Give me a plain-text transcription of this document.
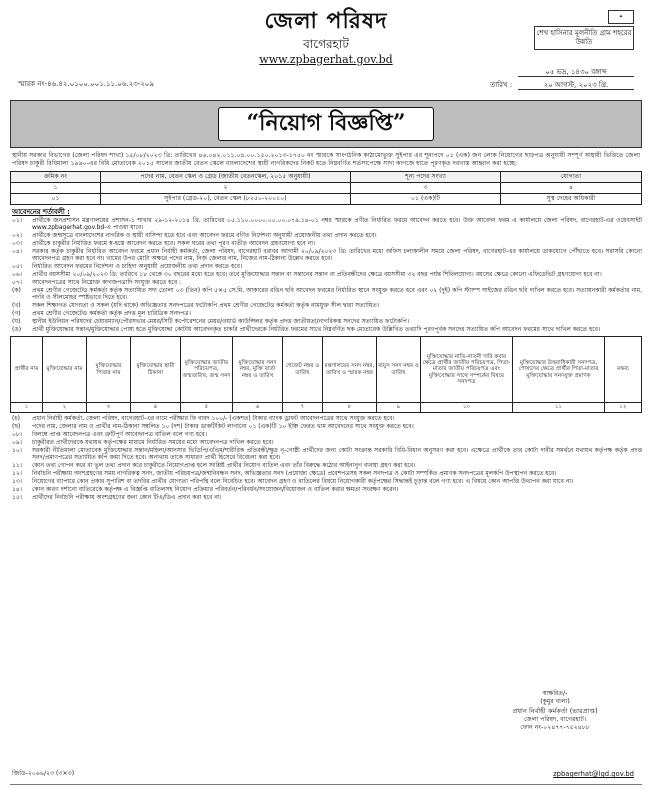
জেলা পরিষদ
বাগেরহাট
www.zpbagerhat.gov.bd
✦
শেখ হাসিনার মূলনীতি গ্রাম শহরের উন্নতি
স্মারক নং-৪৬.৪২.০১০০.০০১.১১.০৬.২৩-২০৯
০৫ ভদ্র, ১৪৩০ বঙ্গাব্দ
তারিখ :	২০ আগস্ট, ২০২৩ খ্রি.
“নিয়োগ বিজ্ঞপ্তি”
স্থানীয় সরকার বিভাগের (জেলা পরিষদ শাখা) ১৫/০৮/২০২৩ খ্রি: তারিখের ৪৬.০৪২.০১১.০৪.০০.১৫০.২০১৩-১৭৫০ নং স্মারকে সাংগঠনিক কাঠামোভুক্ত সুইপার এর শূন্যপদে ০১ (এক) জন লোক নিয়োগের ছাড়পত্র অনুযায়ী সম্পূর্ণ অস্থায়ী ভিত্তিতে জেলা পরিষদ চাকুরী বিধিমালা ১৯৯০-এর বিধি মোতাবেক ২০১৫ সালের জাতীয় বেতন স্কেলে বাংলাদেশের স্থায়ী নাগরিকদের নিকট হতে নিম্নবর্ণিত শর্তসাপেক্ষে সাদা কাগজে হাতে পূরণকৃত দরখাস্ত আহ্বান করা হচ্ছে:
ক্রমিক নং	পদের নাম, বেতন স্কেল ও গ্রেড (জাতীয় বেতনস্কেল, ২০১৫ অনুযায়ী)	শূন্য পদের সংখ্যা	যোগ্যতা
১	২	৩	৪
০১	সুইপার (গ্রেড-২০), বেতন স্কেল (৮২৫০-২০০১০)	০১ (এক)টি	সুস্থ দেহের অধিকারী
আবেদনের শর্তাবলী :
০১।	প্রার্থীকে জনপ্রশাসন মন্ত্রণালয়ের প্রশাসন-১ শাখার ২৯-১২-২০১৪ খ্রি. তারিখের ০৫.১১০.০০০০.০০.০০.০৭৯.১৪-০১ নম্বর স্মারকে প্রণীত নির্ধারিত ফরমে আবেদন করতে হবে। উক্ত আবেদন ফরম এ কার্যালয়ে জেলা পরিষদ, বাগেরহাট-এর ওয়েবসাইট www.zpbagerhat.gov.bd-এ পাওয়া যাবে।
০২।	প্রার্থীকে জন্মসূত্রে বাংলাদেশের নাগরিক ও স্থায়ী বাসিন্দা হতে হবে এবং আবেদন ফরমে বর্ণিত নির্দেশনা অনুযায়ী প্রয়োজনীয় তথ্য প্রদান করতে হবে।
০৩।	প্রার্থীকে চাকুরীর নির্ধারিত ফরমে স্ব-হস্তে আবেদন করতে হবে। সকল ঘরের তথ্য পূরণ ব্যতীত আবেদন গ্রহণযোগ্য হবে না।
০৪।	সরকার কর্তৃক চাকুরীর নির্ধারিত আবেদন ফরমে প্রধান নির্বাহী কর্মকর্তা, জেলা পরিষদ, বাগেরহাট বরাবর আগামী ২০/০৯/২০২৩ খ্রি: তারিখের মধ্যে অফিস চলাকালীন সময়ে জেলা পরিষদ, বাগেরহাট-এর কার্যালয়ে ডাকযোগে পৌঁছাতে হবে। সরাসরি কোনো আবেদনপত্র গ্রহণ করা হবে না। খামের উপর মোটা অক্ষরে পদের নাম, নিজ জেলার নাম, নিজের নাম-ঠিকানা উল্লেখ করতে হবে।
০৫।	নির্ধারিত আবেদন ফরমের নির্দেশনা ও চাহিদা অনুযায়ী প্রয়োজনীয় তথ্য প্রদান করতে হবে।
০৬।	প্রার্থীর বয়সসীমা ২০/০৯/২০২৩ খ্রি: তারিখে ১৮ থেকে ৩০ বছরের মধ্যে হতে হবে। তবে মুক্তিযোদ্ধার সন্তান বা সন্তানের সন্তান বা প্রতিবন্ধীদের ক্ষেত্রে বয়সসীমা ৩২ বছর পর্যন্ত শিথিলযোগ্য। বয়সের ক্ষেত্রে কোনো এফিডেভিট গ্রহণযোগ্য হবে না।
০৭।	আবেদনপত্রের সাথে নিম্নোক্ত কাগজপত্রাদি সংযুক্ত করতে হবে :
(ক)	প্রথম শ্রেণীর গেজেটেড কর্মকর্তা কর্তৃক সত্যায়িত সদ্য তোলা ০৩ (তিন) কপি ৫×৫ সে.মি. আকারের রঙিন ছবি আবেদন ফরমের নির্ধারিত স্থানে সংযুক্ত করতে হবে এবং ০২ (দুই) কপি স্ট্যাম্প সাইজের রঙিন ছবি দাখিল করতে হবে। সত্যায়নকারী কর্মকর্তার নাম, পদবি ও সীলমোহর স্পষ্টভাবে দিতে হবে।
(খ)	সকল শিক্ষাগত যোগ্যতা ও সকল (যদি থাকে) অভিজ্ঞতার সনদপত্রের ফটোকপি প্রথম শ্রেণীর গেজেটেড কর্মকর্তা কর্তৃক নামযুক্ত সীল দ্বারা সত্যায়িত।
(গ)	প্রথম শ্রেণীর গেজেটেড কর্মকর্তা কর্তৃক প্রদত্ত মূল চারিত্রিক সনদপত্র।
(ঘ)	স্থানীয় ইউনিয়ন পরিষদের চেয়ারম্যান/পৌরসভার মেয়র/সিটি কর্পোরেশনের মেয়র/ওয়ার্ড কাউন্সিলর কর্তৃক প্রদত্ত জাতীয়তা/নাগরিকত্ব সনদের সত্যায়িত ফটোকপি।
(ঙ)	প্রার্থী মুক্তিযোদ্ধার সন্তান/মুক্তিযোদ্ধার পোষ্য হতে মুক্তিযোদ্ধা কোটায় আবেদনকৃত চাকরি প্রার্থীদেরকে নির্ধারিত ফরমের সাথে নিম্নবর্ণিত ছক মোতাবেক উল্লিখিত তথ্যাদি পূরণপূর্বক সনদের সত্যায়িত কপি আবেদন ফরমের সাথে দাখিল করতে হবে।
প্রার্থীর নাম	মুক্তিযোদ্ধার নাম	মুক্তিযোদ্ধার পিতার নাম	মুক্তিযোদ্ধার স্থায়ী ঠিকানা	মুক্তিযোদ্ধার জাতীয় পরিচয়পত্র, জন্মতারিখ, জন্ম সনদ	মুক্তিযোদ্ধার সনদ নম্বর, মুক্তি বার্তা নম্বর ও তারিখ	গেজেট নম্বর ও তারিখ	মন্ত্রণালয়ের সনদ নম্বর, তারিখ ও স্মারক নম্বর	বায়ুস সনদ নম্বর ও তারিখ	মুক্তিযোদ্ধার নাতি-নাতনী দাবি করার ক্ষেত্রে প্রার্থীর জাতীয় পরিচয়পত্র, পিতা-মাতার জাতীয় পরিচয়পত্র এবং মুক্তিযোদ্ধার সাথে সম্পর্কের বিষয়ে সনদপত্র	মুক্তিযোদ্ধার উত্তরাধিকারী সনদপত্র, পোষ্যদের ক্ষেত্রে প্রার্থীর পিতা-মাতার মুক্তিযোদ্ধার সনদযুক্ত প্রমাণক	মন্তব্য
১	২	৩	৪	৫	৬	৭	৮	৯	১০	১১	১২
(চ)	প্রধান নির্বাহী কর্মকর্তা, জেলা পরিষদ, বাগেরহাট-এর নামে পরীক্ষার ফি বাবদ ১০০/- (একশত) টাকার ব্যাংক ড্রাফট আবেদনপত্রের সাথে সংযুক্ত করতে হবে।
(ছ)	পদের নাম, জেলার নাম ও প্রার্থীর নাম-ঠিকানা সম্বলিত ১০ (দশ) টাকার ডাকটিকিট লাগানো ০১ (এক)টি ১০ ইঞ্চি ফেরত খাম আবেদনের সাথে সংযুক্ত করতে হবে।
০৮।	বিলম্বে প্রাপ্ত আবেদনপত্র এবং ত্রুটিপূর্ণ আবেদনপত্র বাতিল বলে গণ্য হবে।
০৯।	চাকুরীরত প্রার্থীদেরকে যথাযথ কর্তৃপক্ষের মাধ্যমে নির্ধারিত সময়ের মধ্যে আবেদনপত্র দাখিল করতে হবে।
১০।	সরকারী নীতিমালা মোতাবেক মুক্তিযোদ্ধার সন্তান/মহিলা/আনসার ভিডিপি/এতিম/শারীরিক প্রতিবন্ধী/ক্ষুদ্র নৃ-গোষ্ঠী প্রার্থীদের জন্য কোটা সংক্রান্ত সরকারি বিধি-বিধান অনুসরণ করা হবে। এক্ষেত্রে প্রার্থীকে তার কোটা দাবীর সমর্থনে যথাযথ কর্তৃপক্ষ কর্তৃক প্রদত্ত সনদ/প্রমাণপত্রের সত্যায়িত কপি জমা দিতে হবে। অন্যথায় তাকে সাধারণ প্রার্থী হিসেবে বিবেচনা করা হবে।
১১।	কোন তথ্য গোপন করে বা ভুল তথ্য প্রদান করে চাকুরীতে নিয়োগপ্রাপ্ত হলে সংশ্লিষ্ট প্রার্থীর নিয়োগ বাতিল এবং তাঁর বিরুদ্ধে কঠোর আইনানুগ ব্যবস্থা গ্রহণ করা হবে।
১২।	নির্বাচনি পরীক্ষায় অংশগ্রহণের সময় নাগরিকত্ব সনদ, জাতীয় পরিচয়পত্র/জন্মনিবন্ধন সনদ, অভিজ্ঞতার সনদ (প্রযোজ্য ক্ষেত্রে) প্রবেশপত্রসহ সকল সনদপত্র ও কোটা সম্পর্কিত প্রমাণক সনদপত্রের মূলকপি উপস্থাপন করতে হবে।
১৩।	নিয়োগের ব্যাপারে কোন প্রকার সুপারিশ বা তদবির প্রার্থীর যোগ্যতা পরিপন্থি বলে বিবেচিত হবে। আবেদন গ্রহণ ও বাতিলের বিষয়ে নিয়োগকারী কর্তৃপক্ষের সিদ্ধান্তই চূড়ান্ত বলে গণ্য হবে। এ বিষয়ে কোন আপত্তি উত্থাপন করা যাবে না।
১৪।	কোন কারণ দর্শানো ব্যতিরেকে কর্তৃপক্ষ এ বিজ্ঞপ্তি বাতিলসহ নিয়োগ প্রক্রিয়ার পরিবর্তন/পরিবর্ধন/সংযোজন/বিয়োজন ও বাতিল করার ক্ষমতা সংরক্ষণ করেন।
১৫।	প্রার্থীদের নির্বাচনি পরীক্ষায় অংশগ্রহণের জন্য কোন টিএ/ডিএ প্রদান করা হবে না।
স্বাক্ষরিত/-
(কুমুর বালা)
প্রধান নির্বাহী কর্মকর্তা (ভারপ্রাপ্ত)
জেলা পরিষদ, বাগেরহাট।
ফোন নং-০২৪৭৭-৭৫২৪৮৮
জিডি-২০৬৬/২৩ (৩×৩)	zpbagerhat@lgd.gov.bd
